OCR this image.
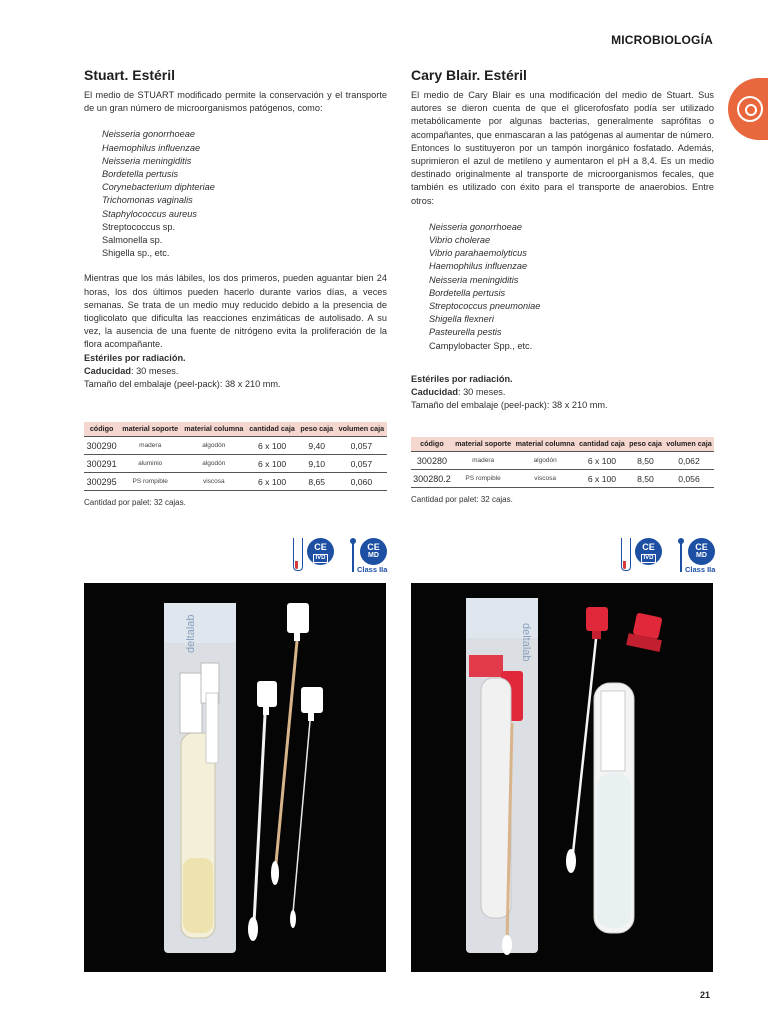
MICROBIOLOGÍA
Stuart. Estéril

El medio de STUART modificado permite la conservación y el transporte de un gran número de microorganismos patógenos, como:

Neisseria gonorrhoeae
Haemophilus influenzae
Neisseria meningiditis
Bordetella pertusis
Corynebacterium diphteriae
Trichomonas vaginalis
Staphylococcus aureus
Streptococcus sp.
Salmonella sp.
Shigella sp., etc.

Mientras que los más lábiles, los dos primeros, pueden aguantar bien 24 horas, los dos últimos pueden hacerlo durante varios días, a veces semanas. Se trata de un medio muy reducido debido a la presencia de tioglicolato que dificulta las reacciones enzimáticas de autolisado. A su vez, la ausencia de una fuente de nitrógeno evita la proliferación de la flora acompañante.

Estériles por radiación.
Caducidad: 30 meses.
Tamaño del embalaje (peel-pack): 38 x 210 mm.
código	material soporte	material columna	cantidad caja	peso caja	volumen caja
300290	madera	algodón	6 x 100	9,40	0,057
300291	aluminio	algodón	6 x 100	9,10	0,057
300295	PS rompible	viscosa	6 x 100	8,65	0,060
Cantidad por palet: 32 cajas.
CE
IVD
CE
MD
Class IIa
deltalab
Cary Blair. Estéril

El medio de Cary Blair es una modificación del medio de Stuart. Sus autores se dieron cuenta de que el glicerofosfato podía ser utilizado metabólicamente por algunas bacterias, generalmente saprófitas o acompañantes, que enmascaran a las patógenas al aumentar de número. Entonces lo sustituyeron por un tampón inorgánico fosfatado. Además, suprimieron el azul de metileno y aumentaron el pH a 8,4. Es un medio destinado originalmente al transporte de microorganismos fecales, que también es utilizado con éxito para el transporte de anaerobios. Entre otros:

Neisseria gonorrhoeae
Vibrio cholerae
Vibrio parahaemolyticus
Haemophilus influenzae
Neisseria meningiditis
Bordetella pertusis
Streptococcus pneumoniae
Shigella flexneri
Pasteurella pestis
Campylobacter Spp., etc.
Estériles por radiación.
Caducidad: 30 meses.
Tamaño del embalaje (peel-pack): 38 x 210 mm.
código	material soporte	material columna	cantidad caja	peso caja	volumen caja
300280	madera	algodón	6 x 100	8,50	0,062
300280.2	PS rompible	viscosa	6 x 100	8,50	0,056
Cantidad por palet: 32 cajas.
CE
IVD
CE
MD
Class IIa
deltalab
21
